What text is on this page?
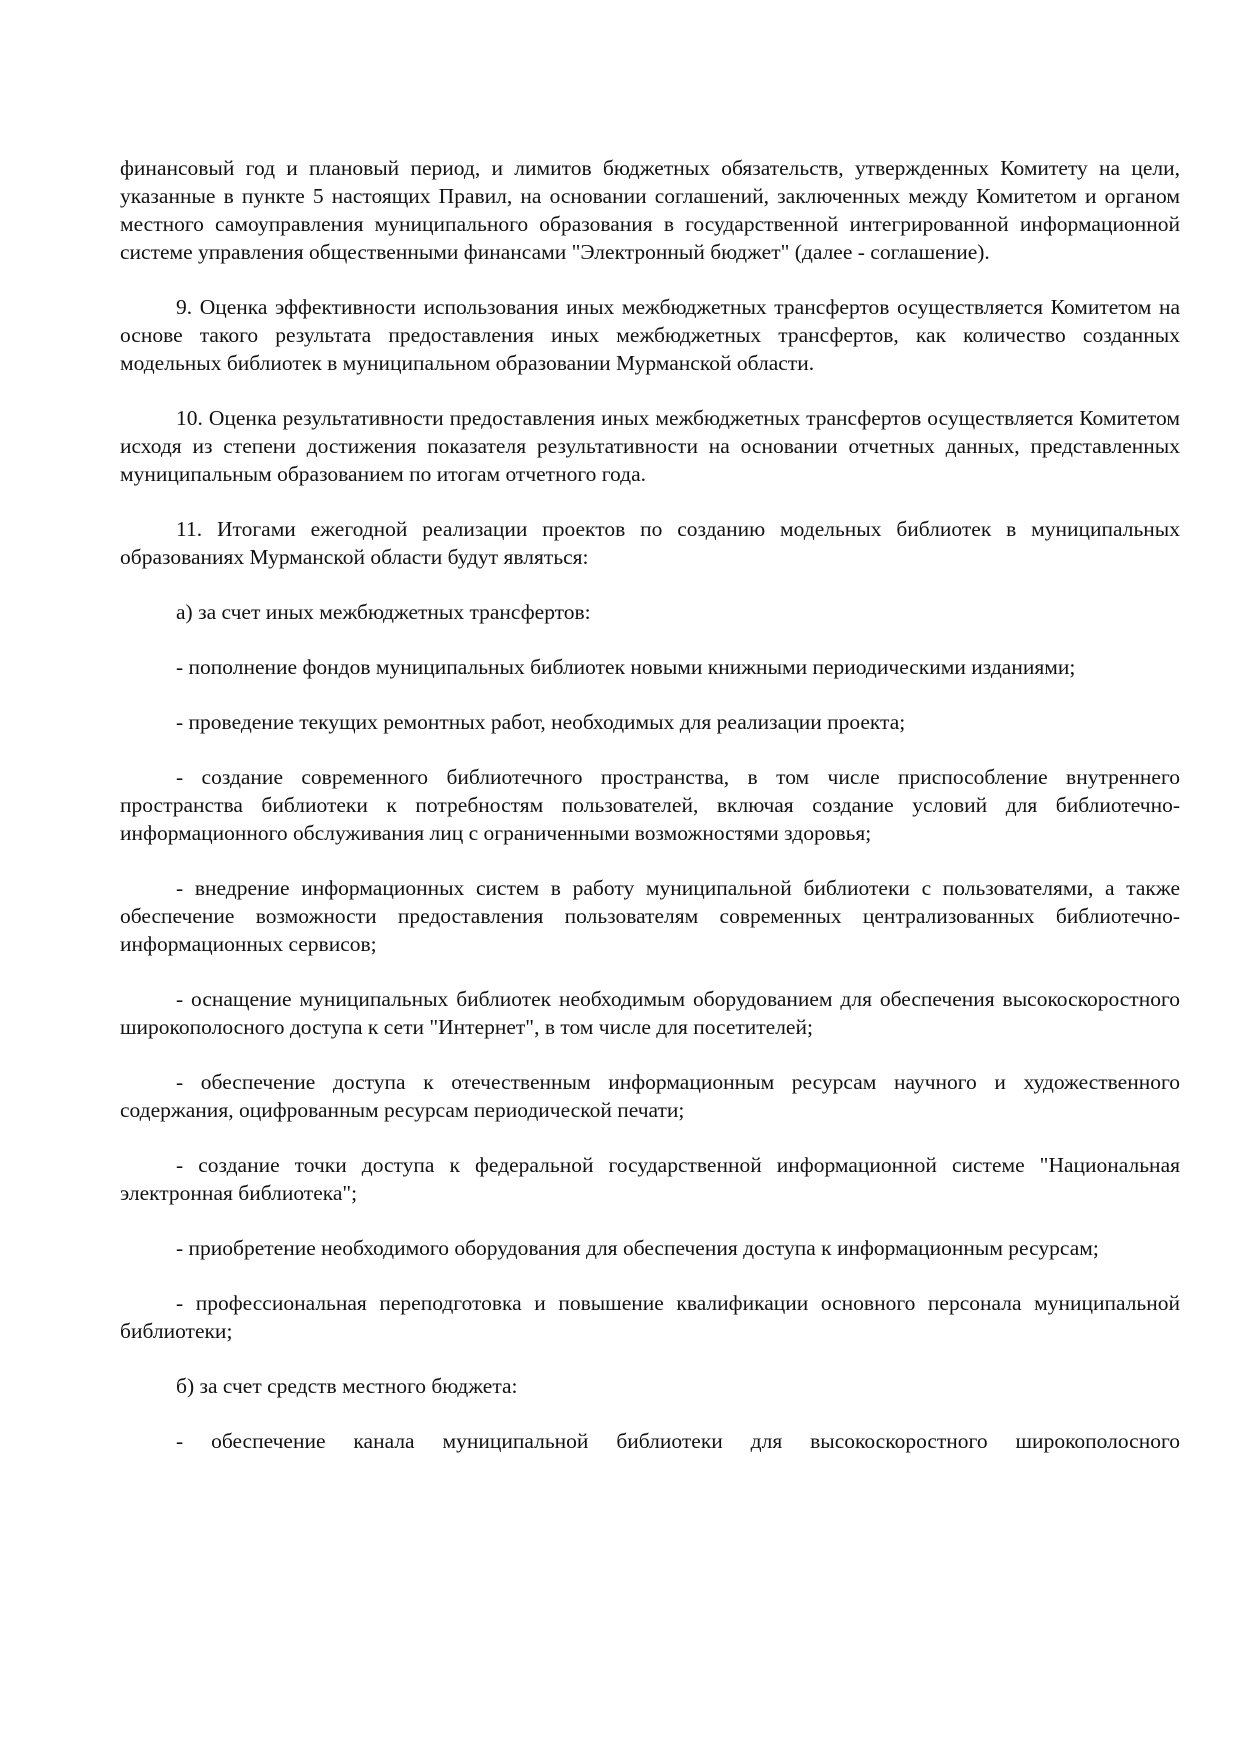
финансовый год и плановый период, и лимитов бюджетных обязательств, утвержденных Комитету на цели, указанные в пункте 5 настоящих Правил, на основании соглашений, заключенных между Комитетом и органом местного самоуправления муниципального образования в государственной интегрированной информационной системе управления общественными финансами "Электронный бюджет" (далее - соглашение).

9. Оценка эффективности использования иных межбюджетных трансфертов осуществляется Комитетом на основе такого результата предоставления иных межбюджетных трансфертов, как количество созданных модельных библиотек в муниципальном образовании Мурманской области.

10. Оценка результативности предоставления иных межбюджетных трансфертов осуществляется Комитетом исходя из степени достижения показателя результативности на основании отчетных данных, представленных муниципальным образованием по итогам отчетного года.

11. Итогами ежегодной реализации проектов по созданию модельных библиотек в муниципальных образованиях Мурманской области будут являться:

а) за счет иных межбюджетных трансфертов:

- пополнение фондов муниципальных библиотек новыми книжными периодическими изданиями;

- проведение текущих ремонтных работ, необходимых для реализации проекта;

- создание современного библиотечного пространства, в том числе приспособление внутреннего пространства библиотеки к потребностям пользователей, включая создание условий для библиотечно-информационного обслуживания лиц с ограниченными возможностями здоровья;

- внедрение информационных систем в работу муниципальной библиотеки с пользователями, а также обеспечение возможности предоставления пользователям современных централизованных библиотечно-информационных сервисов;

- оснащение муниципальных библиотек необходимым оборудованием для обеспечения высокоскоростного широкополосного доступа к сети "Интернет", в том числе для посетителей;

- обеспечение доступа к отечественным информационным ресурсам научного и художественного содержания, оцифрованным ресурсам периодической печати;

- создание точки доступа к федеральной государственной информационной системе "Национальная электронная библиотека";

- приобретение необходимого оборудования для обеспечения доступа к информационным ресурсам;

- профессиональная переподготовка и повышение квалификации основного персонала муниципальной библиотеки;

б) за счет средств местного бюджета:

- обеспечение канала муниципальной библиотеки для высокоскоростного широкополосного
